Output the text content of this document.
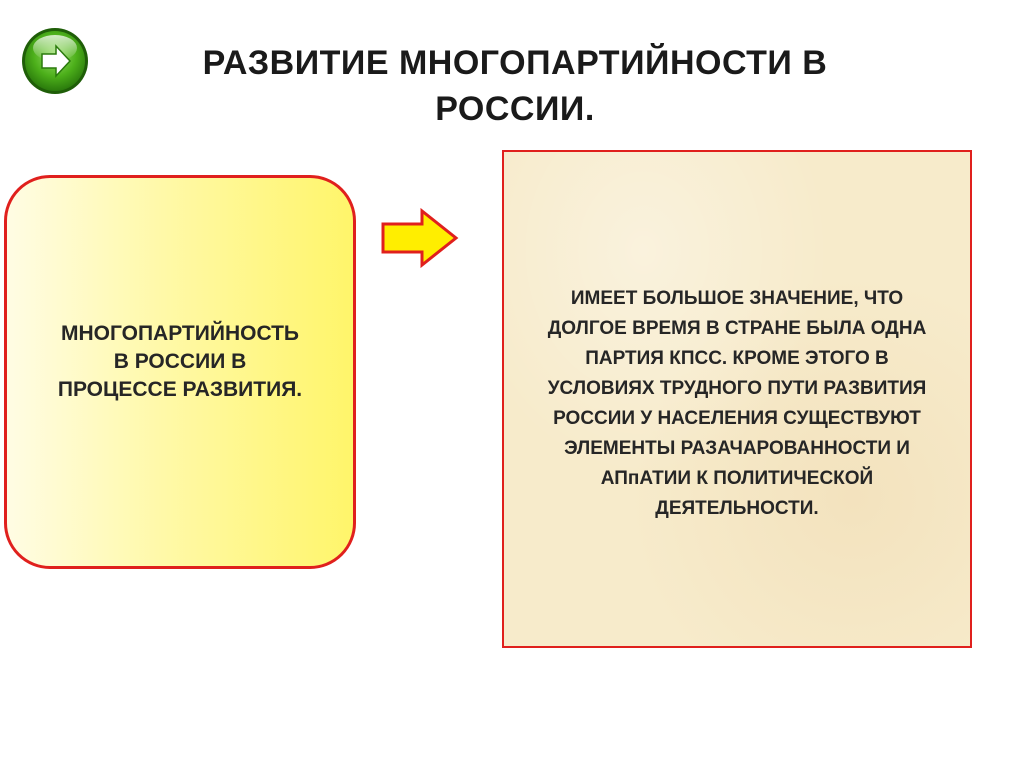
РАЗВИТИЕ МНОГОПАРТИЙНОСТИ В
РОССИИ.
МНОГОПАРТИЙНОСТЬ
В РОССИИ В
ПРОЦЕССЕ РАЗВИТИЯ.
ИМЕЕТ БОЛЬШОЕ ЗНАЧЕНИЕ, ЧТО
ДОЛГОЕ ВРЕМЯ В СТРАНЕ БЫЛА ОДНА
ПАРТИЯ КПСС. КРОМЕ ЭТОГО В
УСЛОВИЯХ ТРУДНОГО ПУТИ РАЗВИТИЯ
РОССИИ У НАСЕЛЕНИЯ СУЩЕСТВУЮТ
ЭЛЕМЕНТЫ РАЗАЧАРОВАННОСТИ И
АПпАТИИ К ПОЛИТИЧЕСКОЙ
ДЕЯТЕЛЬНОСТИ.
